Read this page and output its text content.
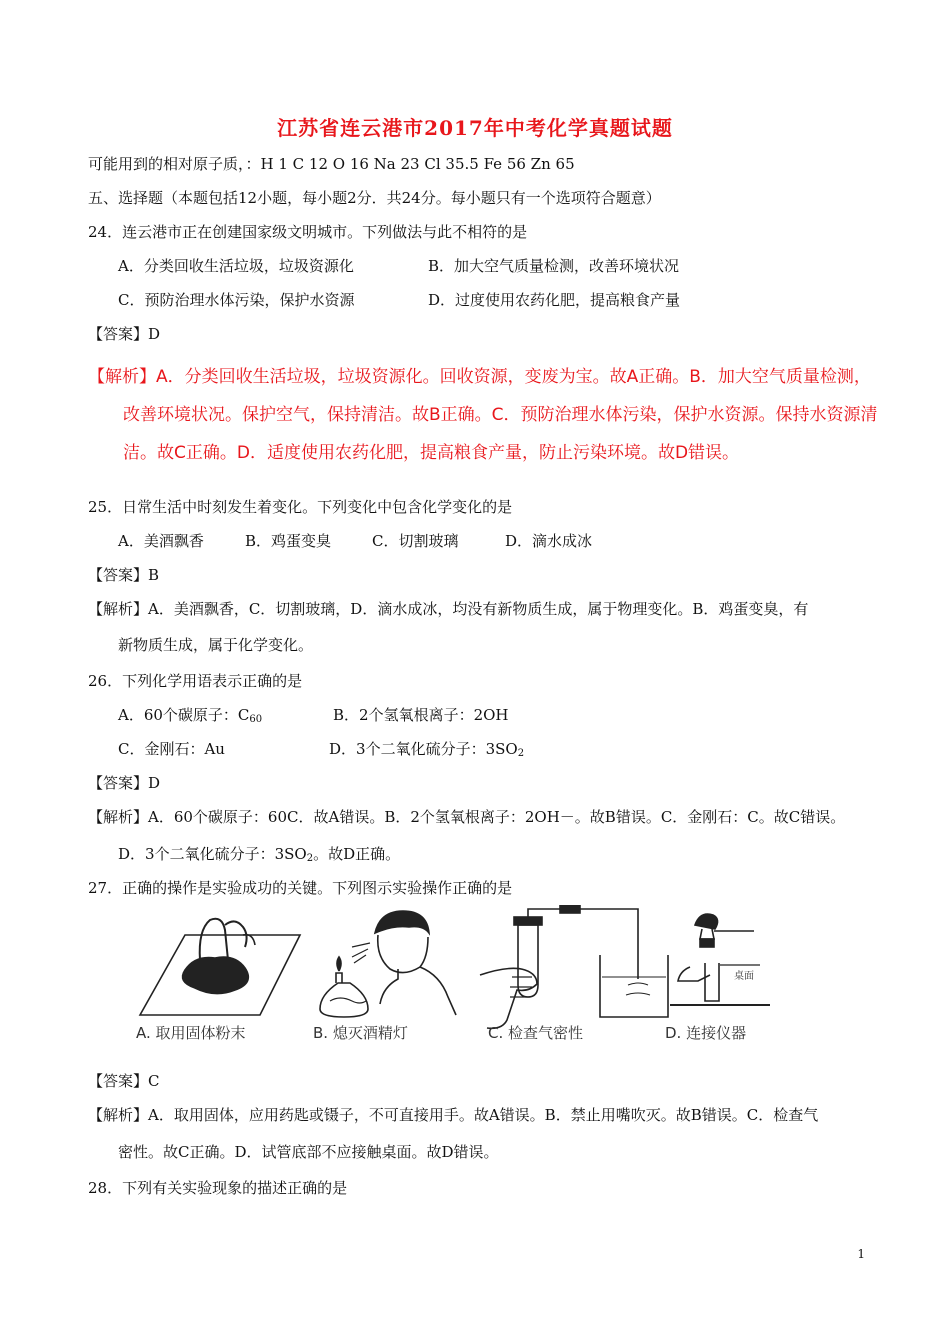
江苏省连云港市2017年中考化学真题试题
可能用到的相对原子质，：H 1 C 12 O 16 Na 23 Cl 35.5 Fe 56 Zn 65
五、选择题（本题包括12小题，每小题2分．共24分。每小题只有一个选项符合题意）
24．连云港市正在创建国家级文明城市。下列做法与此不相符的是
A．分类回收生活垃圾，垃圾资源化	B．加大空气质量检测，改善环境状况
C．预防治理水体污染，保护水资源	D．过度使用农药化肥，提高粮食产量
【答案】D
【解析】A．分类回收生活垃圾，垃圾资源化。回收资源，变废为宝。故A正确。B．加大空气质量检测，
改善环境状况。保护空气，保持清洁。故B正确。C．预防治理水体污染，保护水资源。保持水资源清
洁。故C正确。D．适度使用农药化肥，提高粮食产量，防止污染环境。故D错误。
25．日常生活中时刻发生着变化。下列变化中包含化学变化的是
A．美酒飘香	B．鸡蛋变臭	C．切割玻璃	D．滴水成冰
【答案】B
【解析】A．美酒飘香，C．切割玻璃，D．滴水成冰，均没有新物质生成，属于物理变化。B．鸡蛋变臭，有
新物质生成，属于化学变化。
26．下列化学用语表示正确的是
A．60个碳原子：$C_{60}$	B．2个氢氧根离子：2OH
C．金刚石：Au	D．3个二氧化硫分子：$3SO_2$
【答案】D
【解析】A．60个碳原子：60C．故A错误。B．2个氢氧根离子：2OH－。故B错误。C．金刚石：C。故C错误。
D．3个二氧化硫分子：$3SO_2$。故D正确。
27．正确的操作是实验成功的关键。下列图示实验操作正确的是
A. 取用固体粉末	B. 熄灭酒精灯	C. 检查气密性
桌面
D. 连接仪器
【答案】C
【解析】A．取用固体，应用药匙或镊子，不可直接用手。故A错误。B．禁止用嘴吹灭。故B错误。C．检查气
密性。故C正确。D．试管底部不应接触桌面。故D错误。
28．下列有关实验现象的描述正确的是
1
